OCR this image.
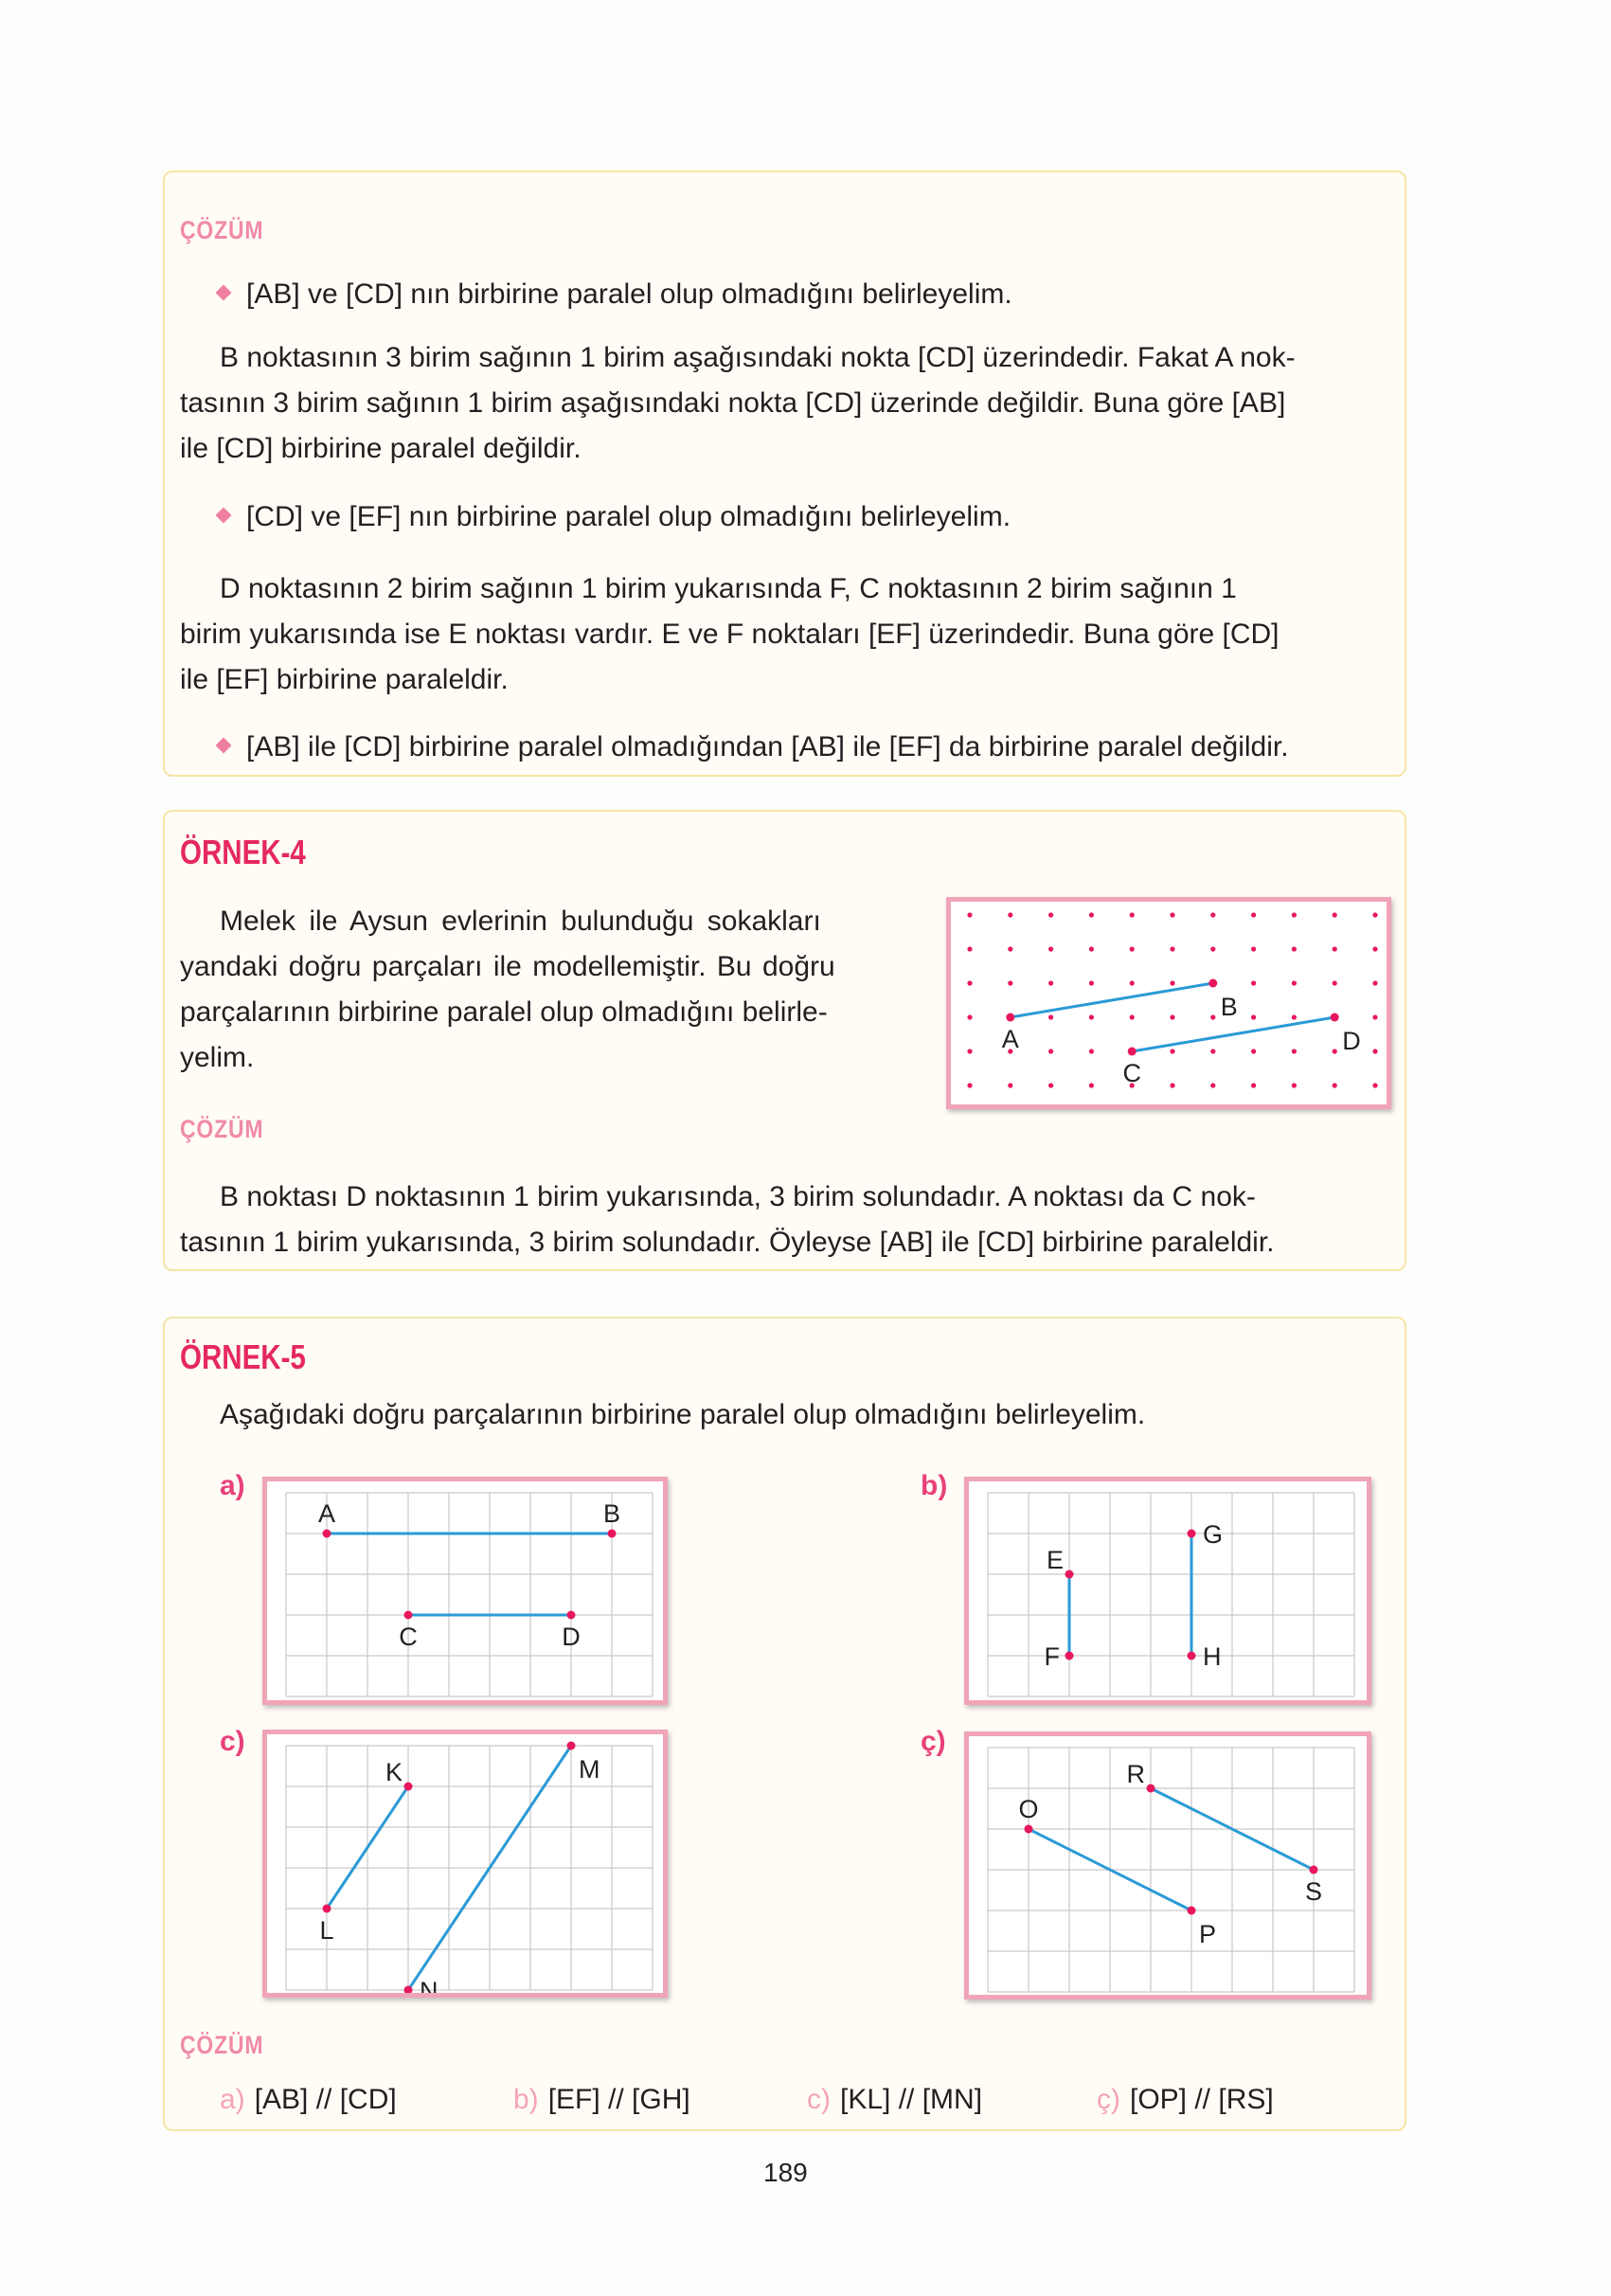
ÇÖZÜM
[AB] ve [CD] nın birbirine paralel olup olmadığını belirleyelim.
B noktasının 3 birim sağının 1 birim aşağısındaki nokta [CD] üzerindedir. Fakat A nok-
tasının 3 birim sağının 1 birim aşağısındaki nokta [CD] üzerinde değildir. Buna göre [AB]
ile [CD] birbirine paralel değildir.
[CD] ve [EF] nın birbirine paralel olup olmadığını belirleyelim.
D noktasının 2 birim sağının 1 birim yukarısında F, C noktasının 2 birim sağının 1
birim yukarısında ise E noktası vardır. E ve F noktaları [EF] üzerindedir. Buna göre [CD]
ile [EF] birbirine paraleldir.
[AB] ile [CD] birbirine paralel olmadığından [AB] ile [EF] da birbirine paralel değildir.
ÖRNEK-4
Melek ile Aysun evlerinin bulunduğu sokakları
yandaki doğru parçaları ile modellemiştir. Bu doğru
parçalarının birbirine paralel olup olmadığını belirle-
yelim.
A
B
C
D
ÇÖZÜM
B noktası D noktasının 1 birim yukarısında, 3 birim solundadır. A noktası da C nok-
tasının 1 birim yukarısında, 3 birim solundadır. Öyleyse [AB] ile [CD] birbirine paraleldir.
ÖRNEK-5
Aşağıdaki doğru parçalarının birbirine paralel olup olmadığını belirleyelim.
a)
A	B
C	D
b)
E
F
G
H
c)
K
L
M
N
ç)
O
P
R
S
ÇÖZÜM
a) [AB] // [CD]	b) [EF] // [GH]	c) [KL] // [MN]	ç) [OP] // [RS]
189
